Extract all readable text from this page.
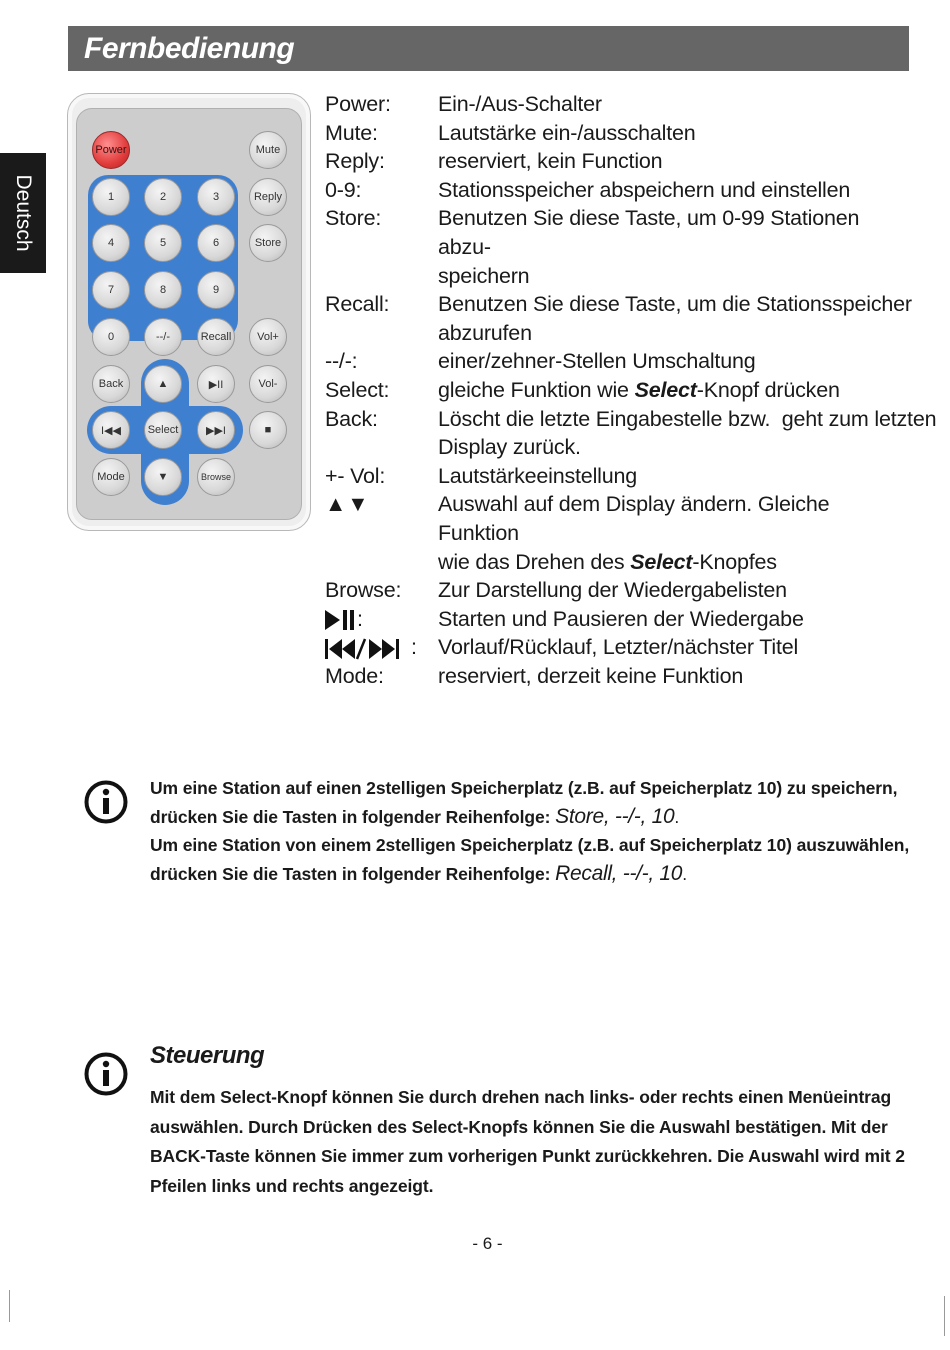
Fernbedienung
Deutsch
Power	Mute
1	2	3	Reply
4	5	6	Store
7	8	9
0	--/-	Recall	Vol+
Back	▲	▶II	Vol-
I◀◀	Select	▶▶I	■
Mode	▼	Browse
Power:	Ein-/Aus-Schalter
Mute:	Lautstärke ein-/ausschalten
Reply:	reserviert, kein Function
0-9:	Stationsspeicher abspeichern und einstellen
Store:	Benutzen Sie diese Taste, um 0-99 Stationen abzu-
speichern
Recall:	Benutzen Sie diese Taste, um die Stationsspeicher
abzurufen
--/-:	einer/zehner-Stellen Umschaltung
Select:	gleiche Funktion wie Select-Knopf drücken
Back:	Löscht die letzte Eingabestelle bzw.  geht zum letzten
Display zurück.
+- Vol:	Lautstärkeeinstellung
▲▼	Auswahl auf dem Display ändern. Gleiche Funktion
wie das Drehen des Select-Knopfes
Browse:	Zur Darstellung der Wiedergabelisten
:	Starten und Pausieren der Wiedergabe
: Vorlauf/Rücklauf, Letzter/nächster Titel
Mode:	reserviert, derzeit keine Funktion
Um eine Station auf einen 2stelligen Speicherplatz (z.B. auf Speicherplatz 10) zu speichern,
drücken Sie die Tasten in folgender Reihenfolge: Store, --/-, 10.
Um eine Station von einem 2stelligen Speicherplatz (z.B. auf Speicherplatz 10) auszuwählen,
drücken Sie die Tasten in folgender Reihenfolge: Recall, --/-, 10.
Steuerung
Mit dem Select-Knopf können Sie durch drehen nach links- oder rechts einen Menüeintrag
auswählen. Durch Drücken des Select-Knopfs können Sie die Auswahl bestätigen. Mit der
BACK-Taste können Sie immer zum vorherigen Punkt zurückkehren. Die Auswahl wird mit 2
Pfeilen links und rechts angezeigt.
- 6 -
